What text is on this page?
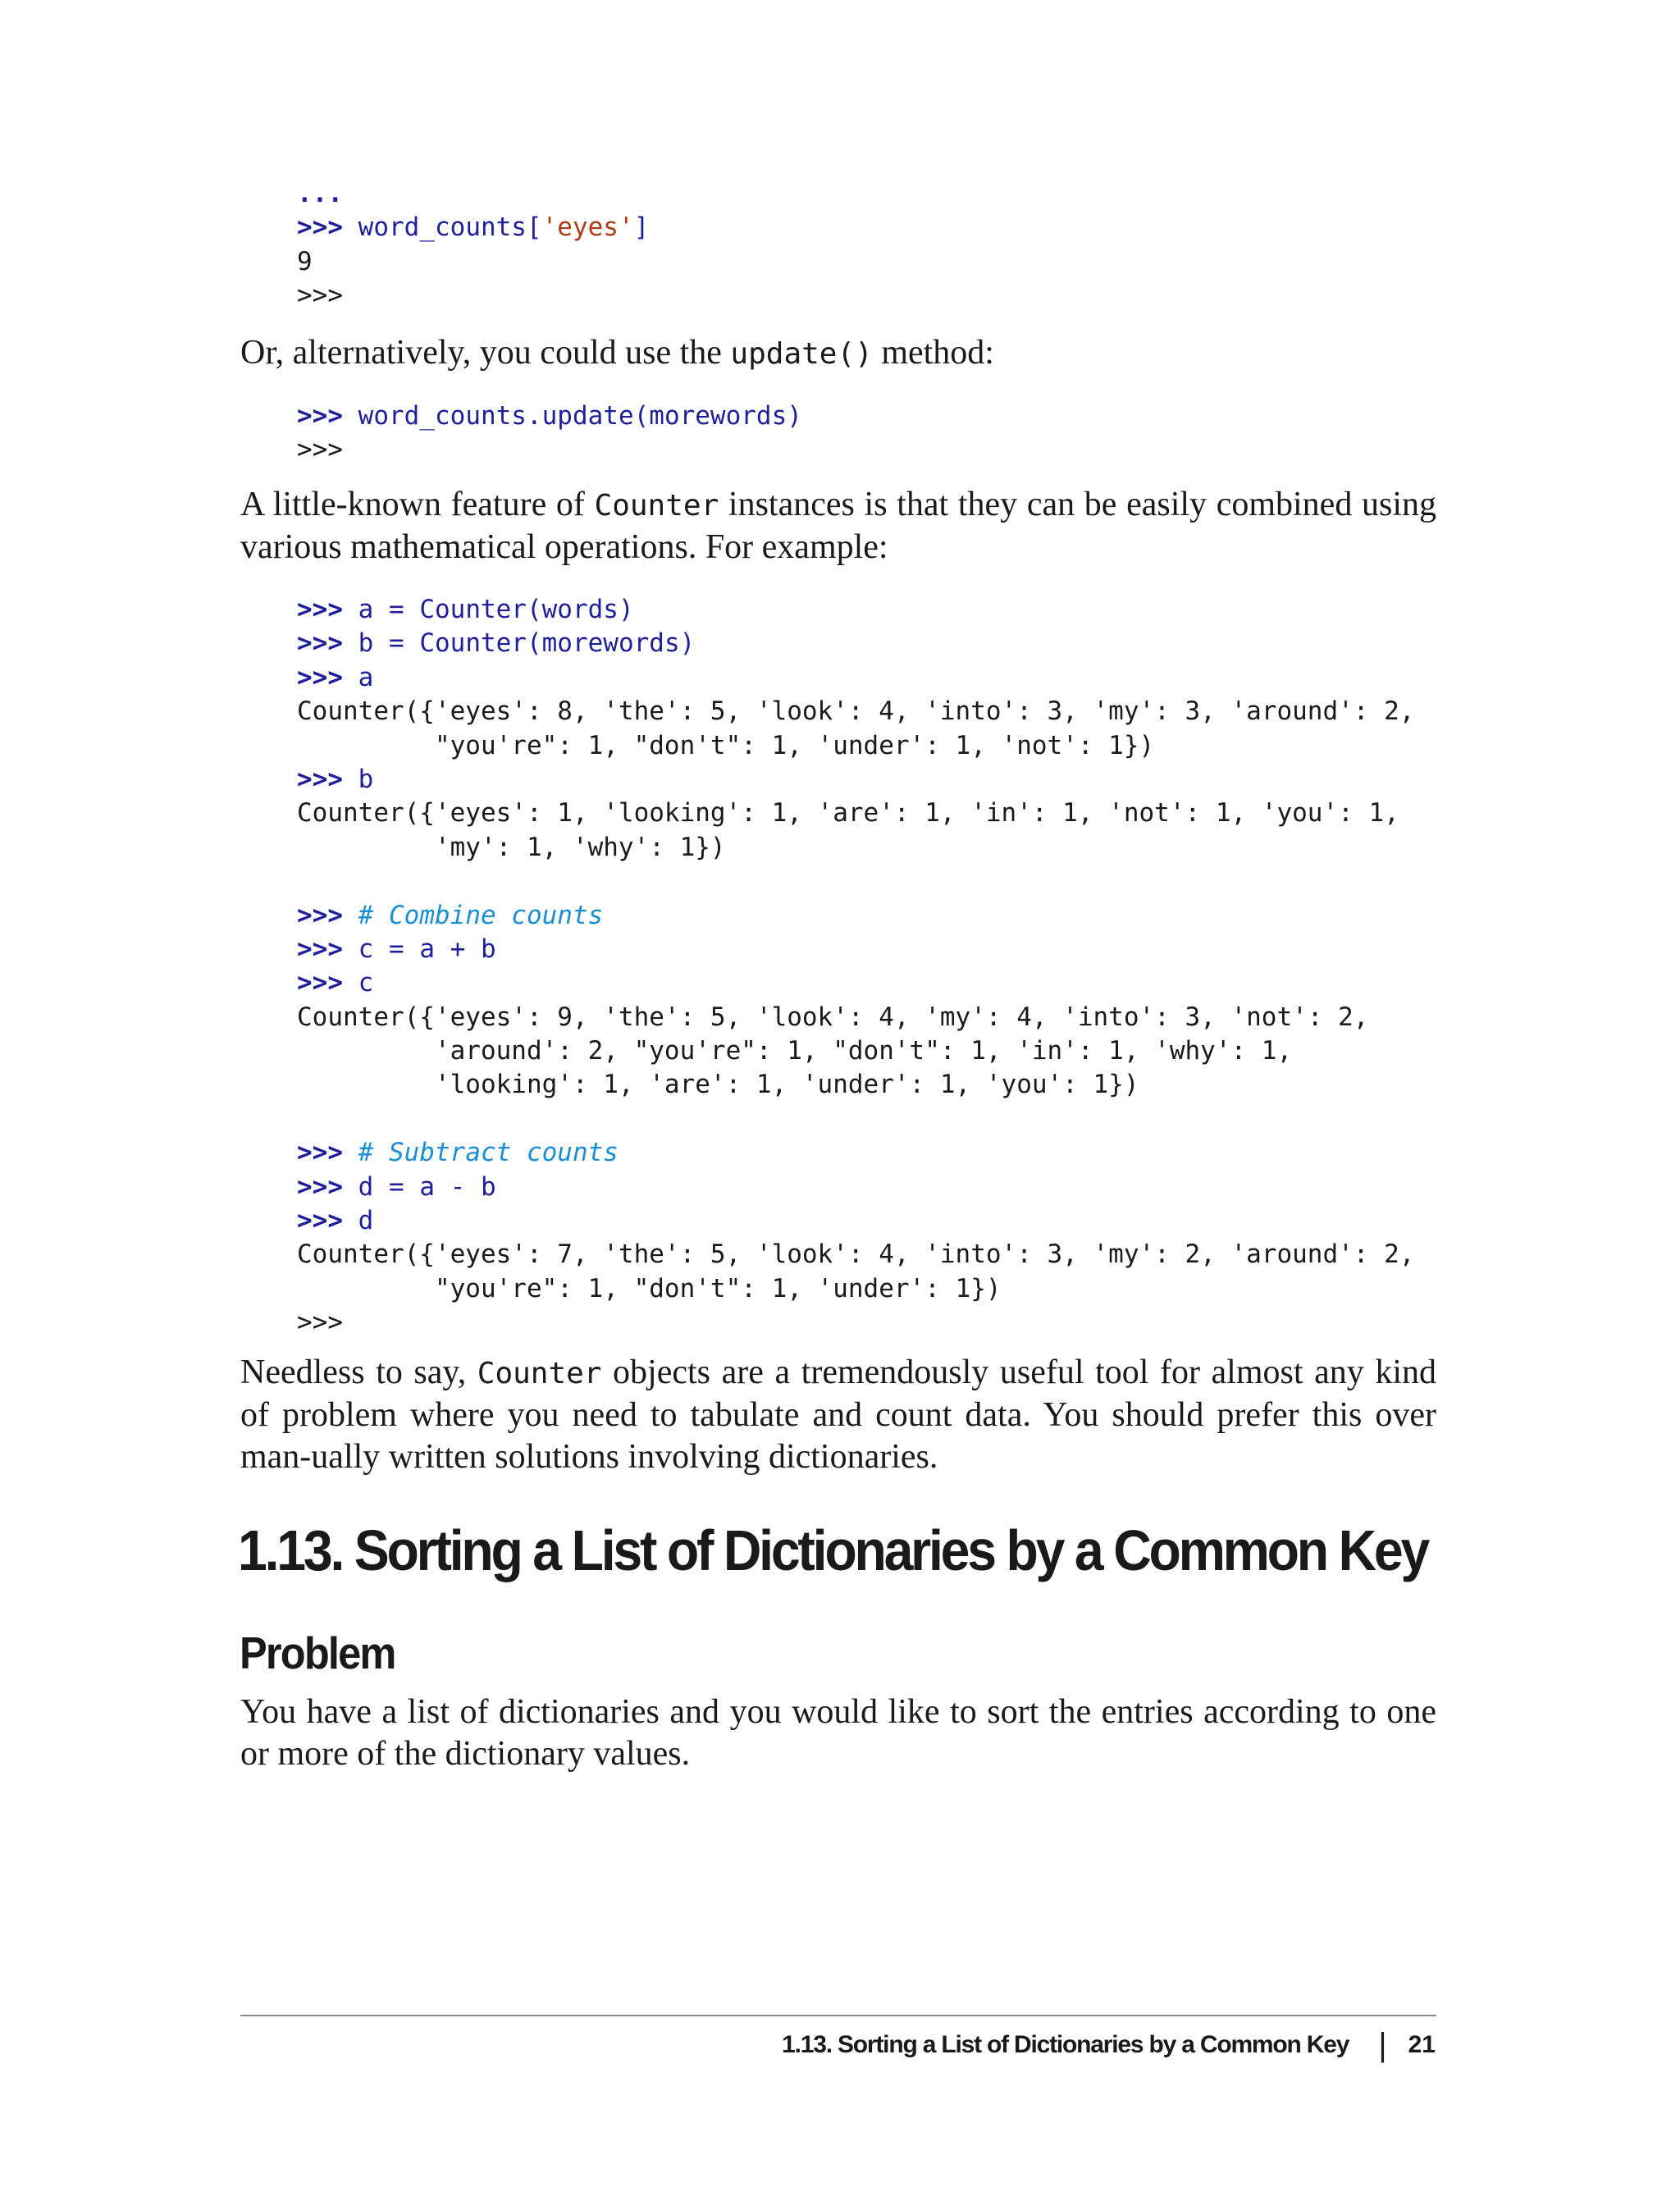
...
>>> word_counts['eyes']
9
>>>

Or, alternatively, you could use the update() method:

>>> word_counts.update(morewords)
>>>

A little-known feature of Counter instances is that they can be easily combined using various mathematical operations. For example:

>>> a = Counter(words)
>>> b = Counter(morewords)
>>> a
Counter({'eyes': 8, 'the': 5, 'look': 4, 'into': 3, 'my': 3, 'around': 2,
"you're": 1, "don't": 1, 'under': 1, 'not': 1})
>>> b
Counter({'eyes': 1, 'looking': 1, 'are': 1, 'in': 1, 'not': 1, 'you': 1,
'my': 1, 'why': 1})
>>> # Combine counts
>>> c = a + b
>>> c
Counter({'eyes': 9, 'the': 5, 'look': 4, 'my': 4, 'into': 3, 'not': 2,
'around': 2, "you're": 1, "don't": 1, 'in': 1, 'why': 1,
'looking': 1, 'are': 1, 'under': 1, 'you': 1})
>>> # Subtract counts
>>> d = a - b
>>> d
Counter({'eyes': 7, 'the': 5, 'look': 4, 'into': 3, 'my': 2, 'around': 2,
"you're": 1, "don't": 1, 'under': 1})
>>>

Needless to say, Counter objects are a tremendously useful tool for almost any kind of problem where you need to tabulate and count data. You should prefer this over man-ually written solutions involving dictionaries.

1.13. Sorting a List of Dictionaries by a Common Key
Problem

You have a list of dictionaries and you would like to sort the entries according to one or more of the dictionary values.

1.13. Sorting a List of Dictionaries by a Common Key | 21
